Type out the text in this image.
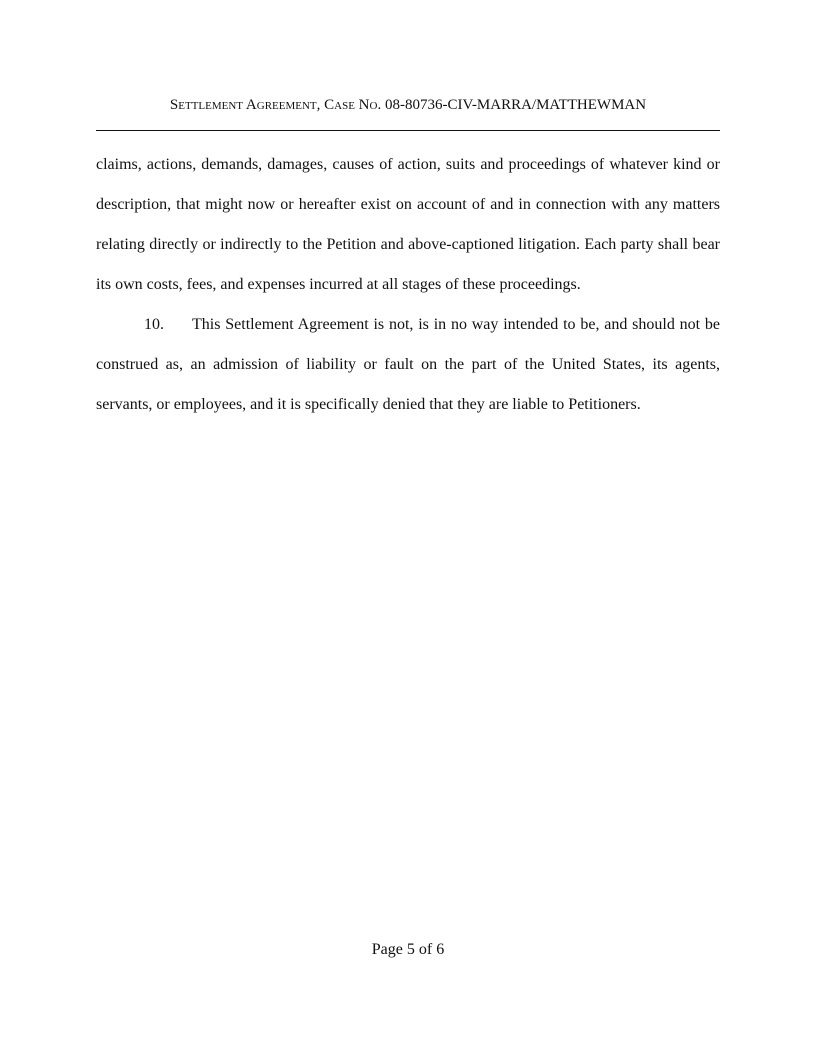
Settlement Agreement, Case No. 08-80736-CIV-MARRA/MATTHEWMAN

claims, actions, demands, damages, causes of action, suits and proceedings of whatever kind or description, that might now or hereafter exist on account of and in connection with any matters relating directly or indirectly to the Petition and above-captioned litigation. Each party shall bear its own costs, fees, and expenses incurred at all stages of these proceedings.

10. This Settlement Agreement is not, is in no way intended to be, and should not be construed as, an admission of liability or fault on the part of the United States, its agents, servants, or employees, and it is specifically denied that they are liable to Petitioners.

Page 5 of 6
